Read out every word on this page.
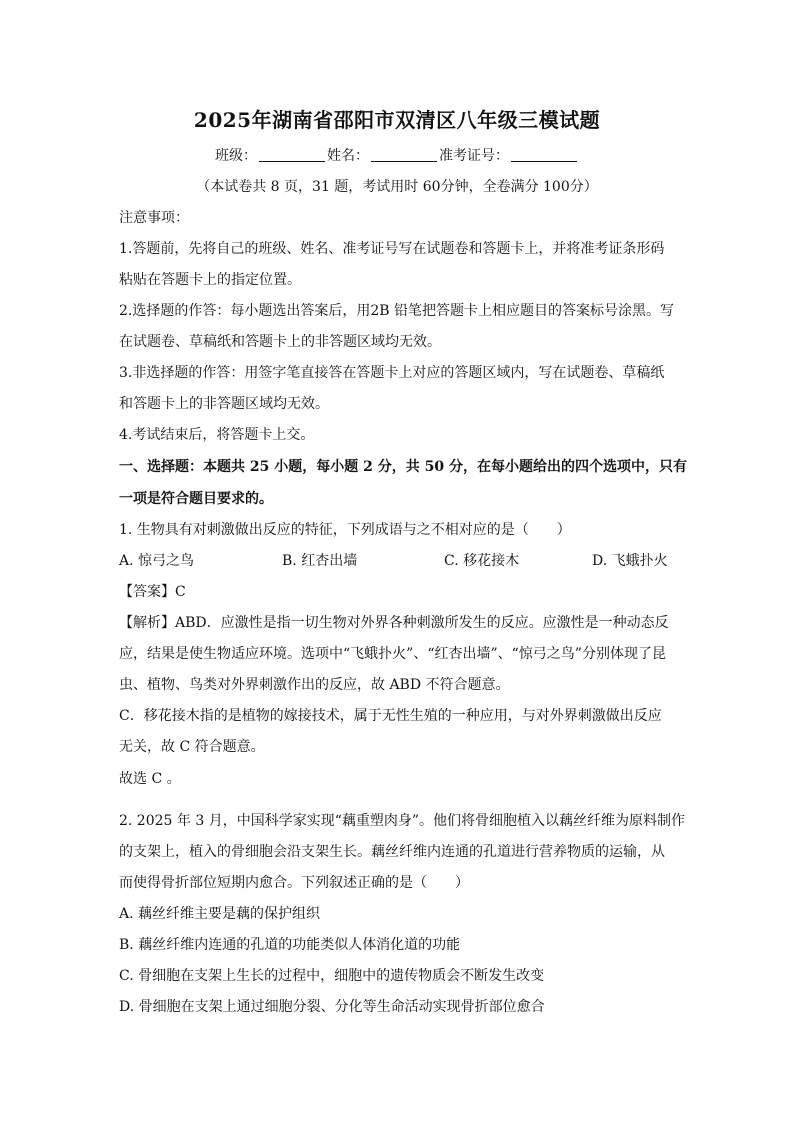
2025年湖南省邵阳市双清区八年级三模试题
班级：	姓名：	准考证号：
（本试卷共 8 页，31 题，考试用时 60分钟，全卷满分 100分）
注意事项：
1.答题前，先将自己的班级、姓名、准考证号写在试题卷和答题卡上，并将准考证条形码
粘贴在答题卡上的指定位置。
2.选择题的作答：每小题选出答案后，用2B 铅笔把答题卡上相应题目的答案标号涂黑。写
在试题卷、草稿纸和答题卡上的非答题区域均无效。
3.非选择题的作答：用签字笔直接答在答题卡上对应的答题区域内，写在试题卷、草稿纸
和答题卡上的非答题区域均无效。
4.考试结束后，将答题卡上交。
一、选择题：本题共 25 小题，每小题 2 分，共 50 分，在每小题给出的四个选项中，只有
一项是符合题目要求的。
1. 生物具有对刺激做出反应的特征，下列成语与之不相对应的是（　　）
A. 惊弓之鸟	B. 红杏出墙	C. 移花接木	D. 飞蛾扑火
【答案】C
【解析】ABD．应激性是指一切生物对外界各种刺激所发生的反应。应激性是一种动态反
应，结果是使生物适应环境。选项中“飞蛾扑火”、“红杏出墙”、“惊弓之鸟”分别体现了昆
虫、植物、鸟类对外界刺激作出的反应，故 ABD 不符合题意。
C．移花接木指的是植物的嫁接技术，属于无性生殖的一种应用，与对外界刺激做出反应
无关，故 C 符合题意。
故选 C 。
2. 2025 年 3 月，中国科学家实现“藕重塑肉身”。他们将骨细胞植入以藕丝纤维为原料制作
的支架上，植入的骨细胞会沿支架生长。藕丝纤维内连通的孔道进行营养物质的运输，从
而使得骨折部位短期内愈合。下列叙述正确的是（　　）
A. 藕丝纤维主要是藕的保护组织
B. 藕丝纤维内连通的孔道的功能类似人体消化道的功能
C. 骨细胞在支架上生长的过程中，细胞中的遗传物质会不断发生改变
D. 骨细胞在支架上通过细胞分裂、分化等生命活动实现骨折部位愈合
